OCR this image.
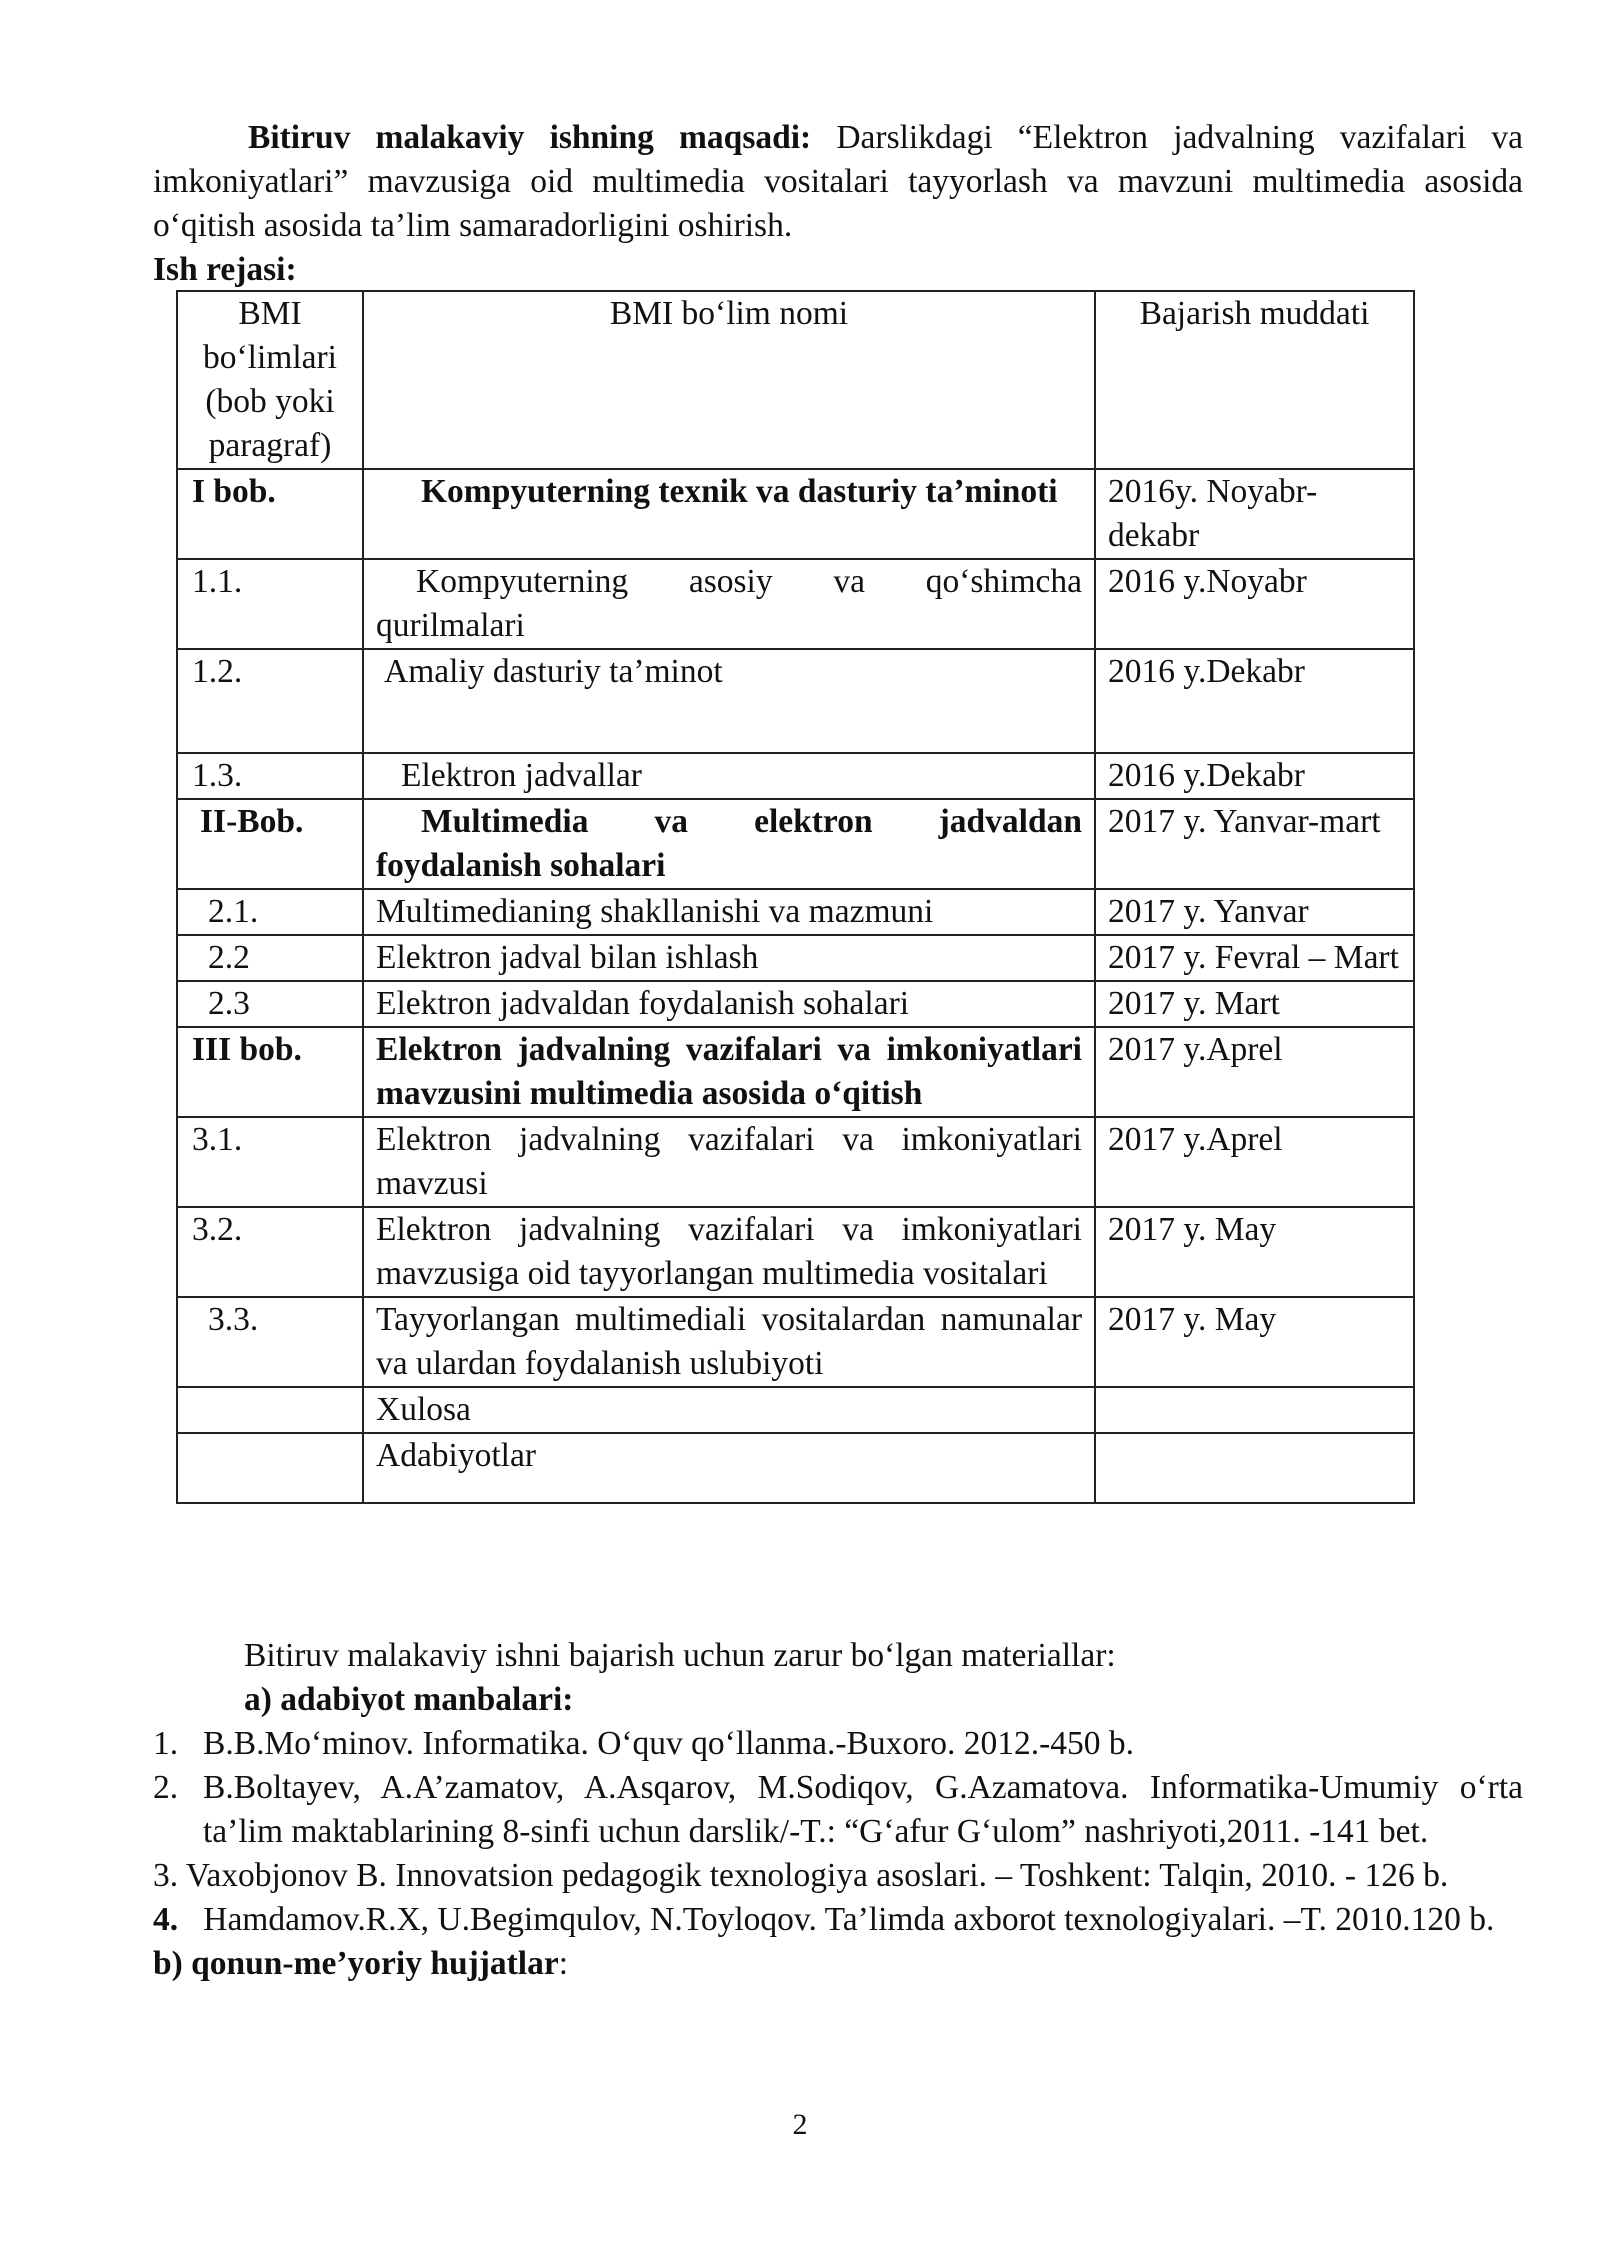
Bitiruv malakaviy ishning maqsadi: Darslikdagi “Elektron jadvalning vazifalari va imkoniyatlari” mavzusiga oid multimedia vositalari tayyorlash va mavzuni multimedia asosida o‘qitish asosida ta’lim samaradorligini oshirish.
Ish rejasi:
BMI bo‘limlari (bob yoki paragraf)	BMI bo‘lim nomi	Bajarish muddati
I bob.	Kompyuterning texnik va dasturiy ta’minoti	2016y. Noyabr-dekabr
1.1.	Kompyuterning asosiy va qo‘shimcha qurilmalari	2016 y.Noyabr
1.2.	Amaliy dasturiy ta’minot	2016 y.Dekabr
1.3.	Elektron jadvallar	2016 y.Dekabr
II-Bob.	Multimedia va elektron jadvaldan foydalanish sohalari	2017 y. Yanvar-mart
2.1.	Multimedianing shakllanishi va mazmuni	2017 y. Yanvar
2.2	Elektron jadval bilan ishlash	2017 y. Fevral – Mart
2.3	Elektron jadvaldan foydalanish sohalari	2017 y. Mart
III bob.	Elektron jadvalning vazifalari va imkoniyatlari mavzusini multimedia asosida o‘qitish	2017 y.Aprel
3.1.	Elektron jadvalning vazifalari va imkoniyatlari mavzusi	2017 y.Aprel
3.2.	Elektron jadvalning vazifalari va imkoniyatlari mavzusiga oid tayyorlangan multimedia vositalari	2017 y. May
3.3.	Tayyorlangan multimediali vositalardan namunalar va ulardan foydalanish uslubiyoti	2017 y. May
	Xulosa	
	Adabiyotlar	
Bitiruv malakaviy ishni bajarish uchun zarur bo‘lgan materiallar:
a) adabiyot manbalari:
1. B.B.Mo‘minov. Informatika. O‘quv qo‘llanma.-Buxoro. 2012.-450 b.
2. B.Boltayev, A.A’zamatov, A.Asqarov, M.Sodiqov, G.Azamatova. Informatika-Umumiy o‘rta ta’lim maktablarining 8-sinfi uchun darslik/-T.: “G‘afur G‘ulom” nashriyoti,2011. -141 bet.
3. Vaxobjonov B. Innovatsion pedagogik texnologiya asoslari. – Toshkent: Talqin, 2010. - 126 b.
4. Hamdamov.R.X, U.Begimqulov, N.Toyloqov. Ta’limda axborot texnologiyalari. –T. 2010.120 b.
b) qonun-me’yoriy hujjatlar:
2
